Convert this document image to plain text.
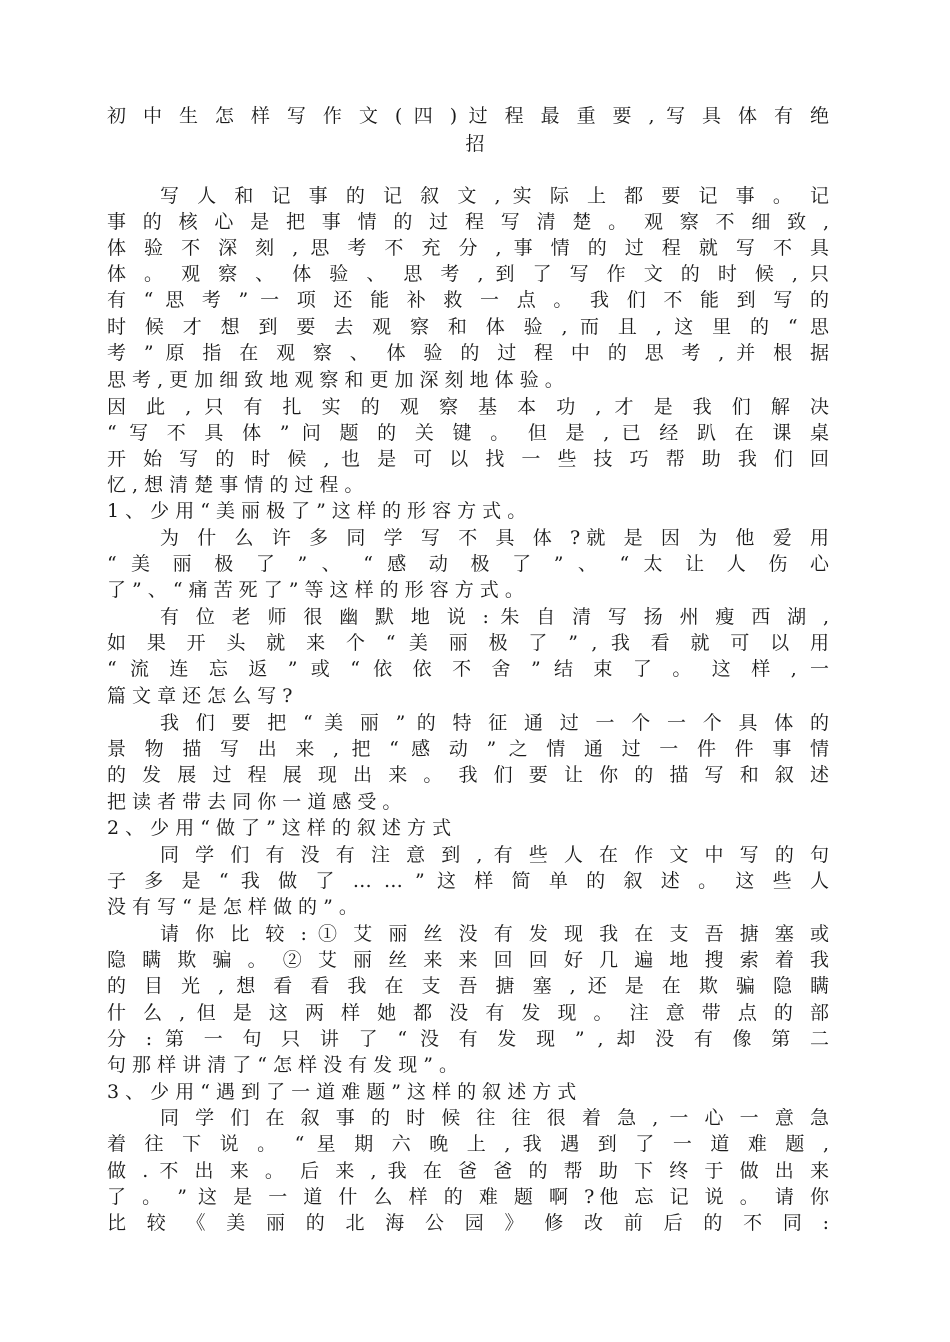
初 中 生 怎 样 写 作 文 ( 四 ) 过 程 最 重 要 , 写 具 体 有 绝
招
写 人 和 记 事 的 记 叙 文 , 实 际 上 都 要 记 事 。 记
事 的 核 心 是 把 事 情 的 过 程 写 清 楚 。 观 察 不 细 致 ,
体 验 不 深 刻 , 思 考 不 充 分 , 事 情 的 过 程 就 写 不 具
体 。 观 察 、 体 验 、 思 考 , 到 了 写 作 文 的 时 候 , 只
有 “ 思 考 ” 一 项 还 能 补 救 一 点 。 我 们 不 能 到 写 的
时 候 才 想 到 要 去 观 察 和 体 验 , 而 且 , 这 里 的 “ 思
考 ” 原 指 在 观 察 、 体 验 的 过 程 中 的 思 考 , 并 根 据
思 考 , 更 加 细 致 地 观 察 和 更 加 深 刻 地 体 验 。
因 此 , 只 有 扎 实 的 观 察 基 本 功 , 才 是 我 们 解 决
“ 写 不 具 体 ” 问 题 的 关 键 。 但 是 , 已 经 趴 在 课 桌
开 始 写 的 时 候 , 也 是 可 以 找 一 些 技 巧 帮 助 我 们 回
忆 , 想 清 楚 事 情 的 过 程 。
1 、 少 用 “ 美 丽 极 了 ” 这 样 的 形 容 方 式 。
为 什 么 许 多 同 学 写 不 具 体 ?就 是 因 为 他 爱 用
“ 美 丽 极 了 ” 、 “ 感 动 极 了 ” 、 “ 太 让 人 伤 心
了 ” 、 “ 痛 苦 死 了 ” 等 这 样 的 形 容 方 式 。
有 位 老 师 很 幽 默 地 说 : 朱 自 清 写 扬 州 瘦 西 湖 ,
如 果 开 头 就 来 个 “ 美 丽 极 了 ” , 我 看 就 可 以 用
“ 流 连 忘 返 ” 或 “ 依 依 不 舍 ” 结 束 了 。 这 样 , 一
篇 文 章 还 怎 么 写 ?
我 们 要 把 “ 美 丽 ” 的 特 征 通 过 一 个 一 个 具 体 的
景 物 描 写 出 来 , 把 “ 感 动 ” 之 情 通 过 一 件 件 事 情
的 发 展 过 程 展 现 出 来 。 我 们 要 让 你 的 描 写 和 叙 述
把 读 者 带 去 同 你 一 道 感 受 。
2 、 少 用 “ 做 了 ” 这 样 的 叙 述 方 式
同 学 们 有 没 有 注 意 到 , 有 些 人 在 作 文 中 写 的 句
子 多 是 “ 我 做 了 … … ” 这 样 简 单 的 叙 述 。 这 些 人
没 有 写 “ 是 怎 样 做 的 ” 。
请 你 比 较 : ① 艾 丽 丝 没 有 发 现 我 在 支 吾 搪 塞 或
隐 瞒 欺 骗 。 ② 艾 丽 丝 来 来 回 回 好 几 遍 地 搜 索 着 我
的 目 光 , 想 看 看 我 在 支 吾 搪 塞 , 还 是 在 欺 骗 隐 瞒
什 么 , 但 是 这 两 样 她 都 没 有 发 现 。 注 意 带 点 的 部
分 : 第 一 句 只 讲 了 “ 没 有 发 现 ” , 却 没 有 像 第 二
句 那 样 讲 清 了 “ 怎 样 没 有 发 现 ” 。
3 、 少 用 “ 遇 到 了 一 道 难 题 ” 这 样 的 叙 述 方 式
同 学 们 在 叙 事 的 时 候 往 往 很 着 急 , 一 心 一 意 急
着 往 下 说 。 “ 星 期 六 晚 上 , 我 遇 到 了 一 道 难 题 ,
做 . 不 出 来 。 后 来 , 我 在 爸 爸 的 帮 助 下 终 于 做 出 来
了 。 ” 这 是 一 道 什 么 样 的 难 题 啊 ?他 忘 记 说 。 请 你
比 较 《 美 丽 的 北 海 公 园 》 修 改 前 后 的 不 同 :
